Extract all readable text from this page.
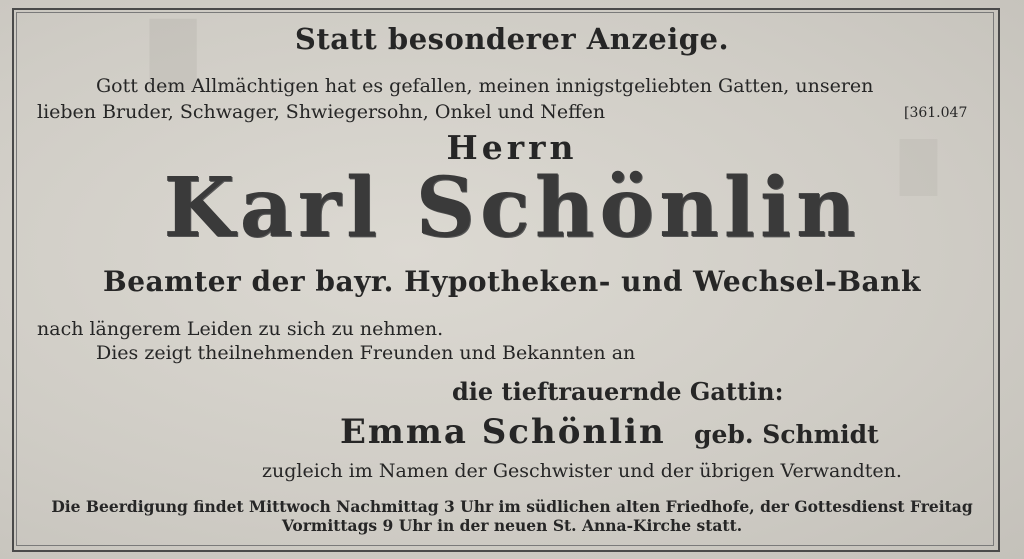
█
█
Statt besonderer Anzeige.
Gott dem Allmächtigen hat es gefallen, meinen innigstgeliebten Gatten, unseren
lieben Bruder, Schwager, Shwiegersohn, Onkel und Neffen	[361.047
Herrn
Karl Schönlin
Beamter der bayr. Hypotheken- und Wechsel-Bank
nach längerem Leiden zu sich zu nehmen.
Dies zeigt theilnehmenden Freunden und Bekannten an
die tieftrauernde Gattin:
Emma Schönlin geb. Schmidt
zugleich im Namen der Geschwister und der übrigen Verwandten.
Die Beerdigung findet Mittwoch Nachmittag 3 Uhr im südlichen alten Friedhofe, der Gottesdienst Freitag
Vormittags 9 Uhr in der neuen St. Anna-Kirche statt.
